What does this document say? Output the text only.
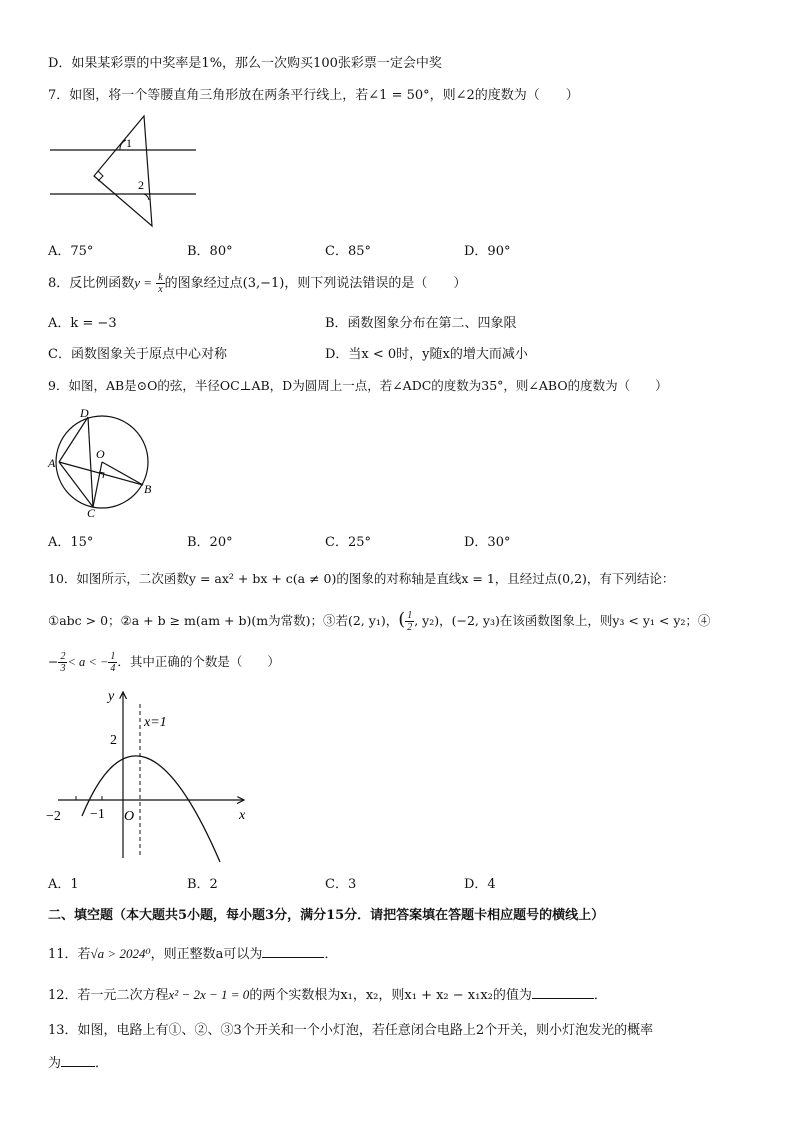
D．如果某彩票的中奖率是1%，那么一次购买100张彩票一定会中奖
7．如图，将一个等腰直角三角形放在两条平行线上，若∠1 = 50°，则∠2的度数为（　　）
1
2
A．75°	B．80°	C．85°	D．90°
8．反比例函数$y = \frac{k}{x}$ 的图象经过点(3,−1)，则下列说法错误的是（　　）
A．k = −3	B．函数图象分布在第二、四象限
C．函数图象关于原点中心对称	D．当x < 0时，y随x的增大而减小
9．如图，AB是⊙O的弦，半径OC⊥AB，D为圆周上一点，若∠ADC的度数为35°，则∠ABO的度数为（　　）
D
A
O
B
C
A．15°	B．20°	C．25°	D．30°
10．如图所示，二次函数y = ax² + bx + c(a ≠ 0)的图象的对称轴是直线x = 1，且经过点(0,2)，有下列结论：
①abc > 0；②a + b ≥ m(am + b)(m为常数)；③若(2, y₁)，( $\frac{1}{2}$ , y₂)，(−2, y₃)在该函数图象上，则y₃ < y₁ < y₂；④
− $\frac{2}{3} < a$ < − $\frac{1}{4}$ ．其中正确的个数是（　　）
y
x
x=1
2
−2 −1 O
A．1	B．2	C．3	D．4
二、填空题（本大题共5小题，每小题3分，满分15分．请把答案填在答题卡相应题号的横线上）
11．若√a > 2024⁰，则正整数a可以为	．
12．若一元二次方程x² − 2x − 1 = 0的两个实数根为x₁，x₂，则x₁ + x₂ − x₁x₂的值为	．
13．如图，电路上有①、②、③3个开关和一个小灯泡，若任意闭合电路上2个开关，则小灯泡发光的概率
为	．
